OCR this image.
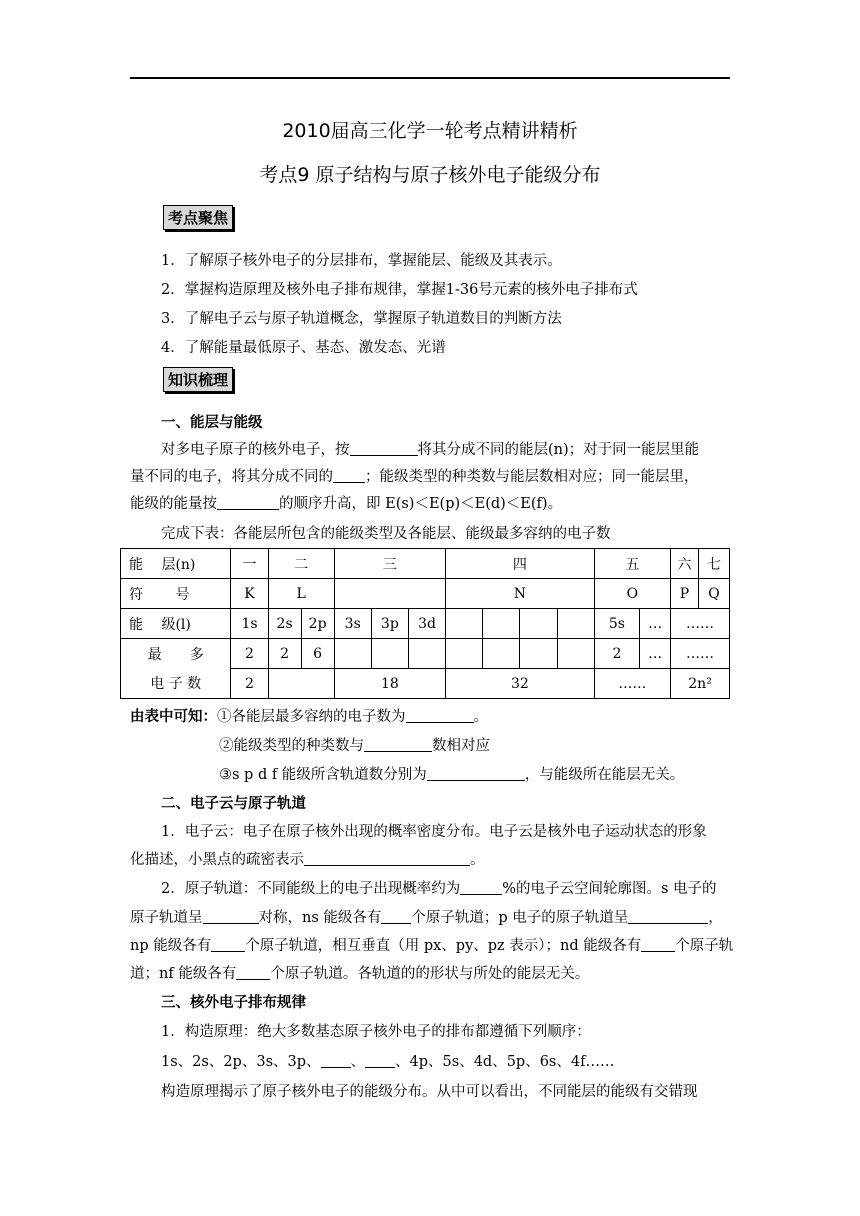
2010届高三化学一轮考点精讲精析
考点9 原子结构与原子核外电子能级分布
考点聚焦
1．了解原子核外电子的分层排布，掌握能层、能级及其表示。
2．掌握构造原理及核外电子排布规律，掌握1-36号元素的核外电子排布式
3．了解电子云与原子轨道概念，掌握原子轨道数目的判断方法
4．了解能量最低原子、基态、激发态、光谱
知识梳理
一、能层与能级
对多电子原子的核外电子，按	将其分成不同的能层(n)；对于同一能层里能
量不同的电子，将其分成不同的 ；能级类型的种类数与能层数相对应；同一能层里，
能级的能量按	的顺序升高，即 E(s)＜E(p)＜E(d)＜E(f)。
完成下表：各能层所包含的能级类型及各能层、能级最多容纳的电子数
能　 层(n)	一	二		三			四				五		六	七
符　　 号	K	L					N				O		P	Q
能　 级(l)	1s	2s	2p	3s	3p	3d					5s	…	……	
最　　多	2	2	6								2	…	……	
电 子 数	2			18			32				……		2n²	
由表中可知：①各能层最多容纳的电子数为	。
②能级类型的种类数与	数相对应
③s p d f 能级所含轨道数分别为	，与能级所在能层无关。
二、电子云与原子轨道
1．电子云：电子在原子核外出现的概率密度分布。电子云是核外电子运动状态的形象
化描述，小黑点的疏密表示	。
2．原子轨道：不同能级上的电子出现概率约为	%的电子云空间轮廓图。s 电子的
原子轨道呈	对称，ns 能级各有 个原子轨道；p 电子的原子轨道呈	，
np 能级各有 个原子轨道，相互垂直（用 px、py、pz 表示）；nd 能级各有 个原子轨
道；nf 能级各有 个原子轨道。各轨道的的形状与所处的能层无关。
三、核外电子排布规律
1．构造原理：绝大多数基态原子核外电子的排布都遵循下列顺序：
1s、2s、2p、3s、3p、 、 、4p、5s、4d、5p、6s、4f……
构造原理揭示了原子核外电子的能级分布。从中可以看出，不同能层的能级有交错现
